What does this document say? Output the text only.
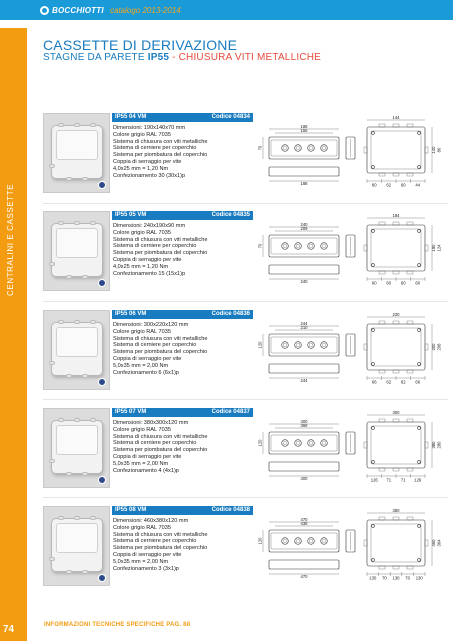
BOCCHIOTTI catalogo 2013-2014
CENTRALINI E CASSETTE
74
CASSETTE DI DERIVAZIONE
STAGNE DA PARETE IP55 - CHIUSURA VITI METALLICHE
IP55 04 VM	Codice 04834
Dimensioni: 190x140x70 mm
Colore grigio RAL 7035
Sistema di chiusura con viti metalliche
Sistema di cerniere per coperchio
Sistema per piombatura del coperchio
Coppia di serraggio per vite
4,0x25 mm = 1,20 Nm
Confezionamento 30 (30x1)p
188
155
188
70
144
140 86
60 62 60 44
IP55 05 VM	Codice 04835
Dimensioni: 240x190x90 mm
Colore grigio RAL 7035
Sistema di chiusura con viti metalliche
Sistema di cerniere per coperchio
Sistema per piombatura del coperchio
Coppia di serraggio per vite
4,0x25 mm = 1,20 Nm
Confezionamento 15 (15x1)p
240
209
240
70
184
190 124
60 60 60 60
IP55 06 VM	Codice 04836
Dimensioni: 300x220x120 mm
Colore grigio RAL 7035
Sistema di chiusura con viti metalliche
Sistema di cerniere per coperchio
Sistema per piombatura del coperchio
Coppia di serraggio per vite
5,0x35 mm = 2,00 Nm
Confezionamento 6 (6x1)p
244
210
244
120
220
300 208
66 62 62 66
IP55 07 VM	Codice 04837
Dimensioni: 380x300x120 mm
Colore grigio RAL 7035
Sistema di chiusura con viti metalliche
Sistema di cerniere per coperchio
Sistema per piombatura del coperchio
Coppia di serraggio per vite
5,0x35 mm = 2,00 Nm
Confezionamento 4 (4x1)p
400
369
400
120
300
380 280
126 71 71 126
IP55 08 VM	Codice 04838
Dimensioni: 460x380x120 mm
Colore grigio RAL 7035
Sistema di chiusura con viti metalliche
Sistema di cerniere per coperchio
Sistema per piombatura del coperchio
Coppia di serraggio per vite
5,0x35 mm = 2,00 Nm
Confezionamento 3 (3x1)p
470
438
470
120
380
460 364
130 70 130 70 130
INFORMAZIONI TECNICHE SPECIFICHE PAG. 88
